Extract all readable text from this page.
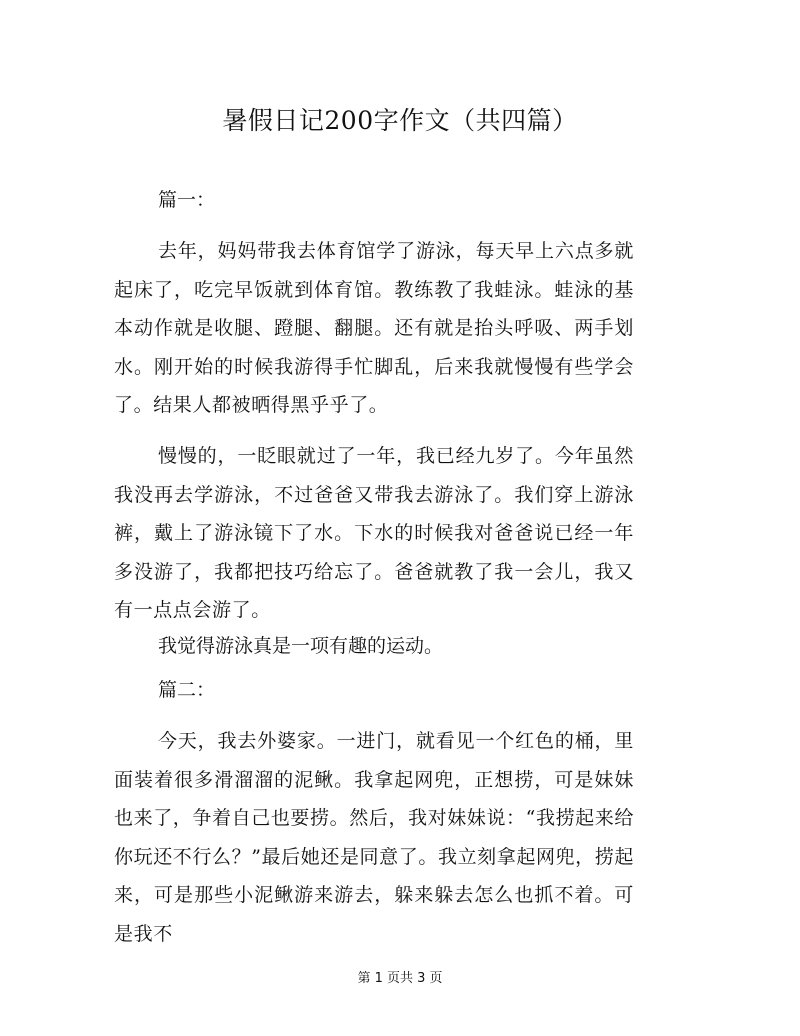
暑假日记200字作文（共四篇）
篇一：

去年，妈妈带我去体育馆学了游泳，每天早上六点多就起床了，吃完早饭就到体育馆。教练教了我蛙泳。蛙泳的基本动作就是收腿、蹬腿、翻腿。还有就是抬头呼吸、两手划水。刚开始的时候我游得手忙脚乱，后来我就慢慢有些学会了。结果人都被晒得黑乎乎了。

慢慢的，一眨眼就过了一年，我已经九岁了。今年虽然我没再去学游泳，不过爸爸又带我去游泳了。我们穿上游泳裤，戴上了游泳镜下了水。下水的时候我对爸爸说已经一年多没游了，我都把技巧给忘了。爸爸就教了我一会儿，我又有一点点会游了。

我觉得游泳真是一项有趣的运动。
篇二：

今天，我去外婆家。一进门，就看见一个红色的桶，里面装着很多滑溜溜的泥鳅。我拿起网兜，正想捞，可是妹妹也来了，争着自己也要捞。然后，我对妹妹说：“我捞起来给你玩还不行么？”最后她还是同意了。我立刻拿起网兜，捞起来，可是那些小泥鳅游来游去，躲来躲去怎么也抓不着。可是我不

第 1 页共 3 页
